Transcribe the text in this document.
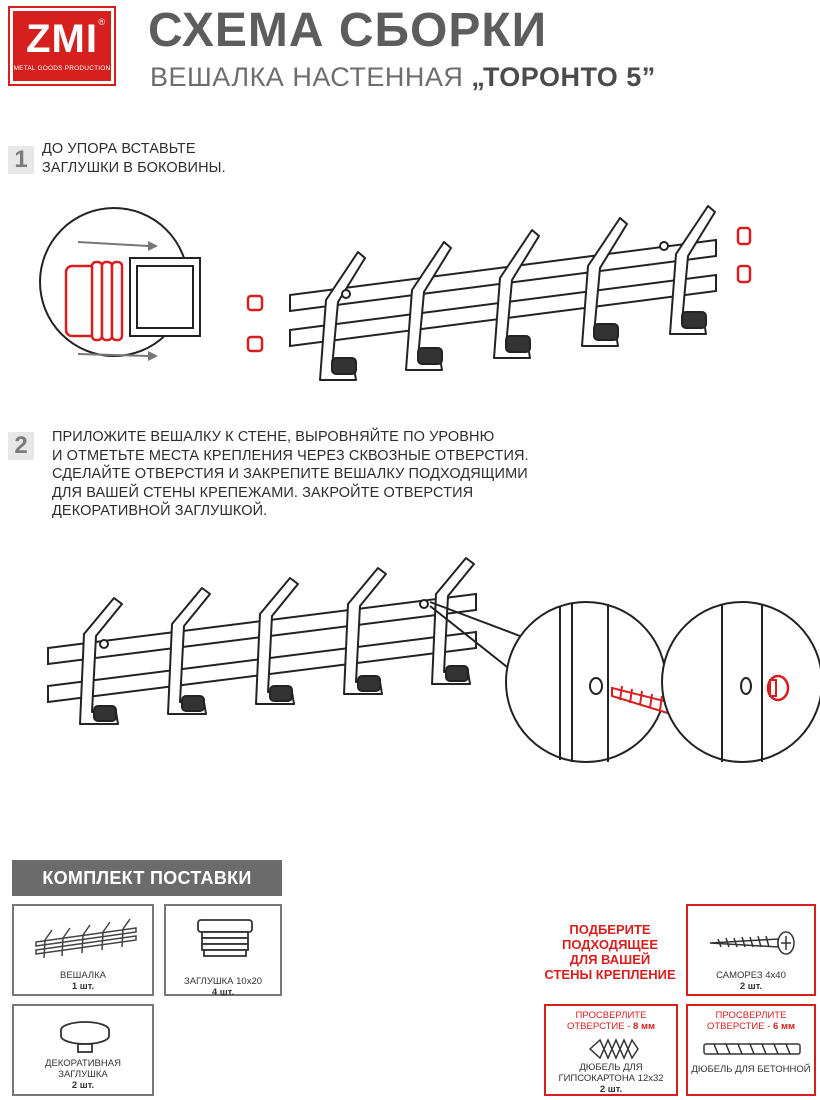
ZMI
METAL GOODS PRODUCTION
® СХЕМА СБОРКИ
ВЕШАЛКА НАСТЕННАЯ „ТОРОНТО 5”
1 ДО УПОРА ВСТАВЬТЕ
ЗАГЛУШКИ В БОКОВИНЫ.
2	ПРИЛОЖИТЕ ВЕШАЛКУ К СТЕНЕ, ВЫРОВНЯЙТЕ ПО УРОВНЮ
И ОТМЕТЬТЕ МЕСТА КРЕПЛЕНИЯ ЧЕРЕЗ СКВОЗНЫЕ ОТВЕРСТИЯ.
СДЕЛАЙТЕ ОТВЕРСТИЯ И ЗАКРЕПИТЕ ВЕШАЛКУ ПОДХОДЯЩИМИ
ДЛЯ ВАШЕЙ СТЕНЫ КРЕПЕЖАМИ. ЗАКРОЙТЕ ОТВЕРСТИЯ
ДЕКОРАТИВНОЙ ЗАГЛУШКОЙ.
КОМПЛЕКТ ПОСТАВКИ
ВЕШАЛКА
1 шт.	ЗАГЛУШКА 10х20
4 шт.
ДЕКОРАТИВНАЯ
ЗАГЛУШКА
2 шт.
ПОДБЕРИТЕ
ПОДХОДЯЩЕЕ
ДЛЯ ВАШЕЙ
СТЕНЫ КРЕПЛЕНИЕ	САМОРЕЗ 4х40
2 шт.
ПРОСВЕРЛИТЕ
ОТВЕРСТИЕ - 8 мм
ДЮБЕЛЬ ДЛЯ
ГИПСОКАРТОНА 12х32
2 шт.
ПРОСВЕРЛИТЕ
ОТВЕРСТИЕ - 6 мм
ДЮБЕЛЬ ДЛЯ БЕТОННОЙ
